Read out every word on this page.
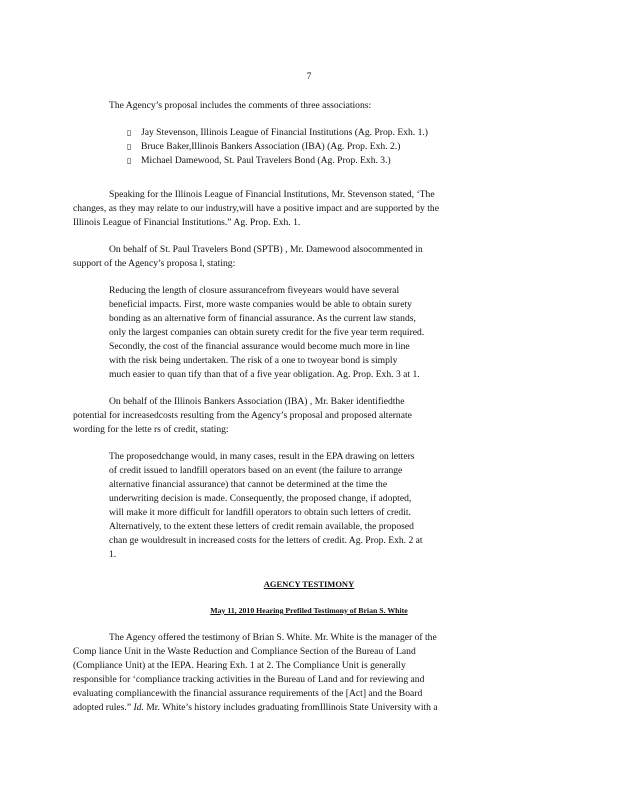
7
The Agency’s proposal includes the comments of three associations:
▯ Jay Stevenson, Illinois League of Financial Institutions (Ag. Prop. Exh. 1.)
▯ Bruce Baker,Illinois Bankers Association (IBA) (Ag. Prop. Exh. 2.)
▯ Michael Damewood, St. Paul Travelers Bond (Ag. Prop. Exh. 3.)
Speaking for the Illinois League of Financial Institutions, Mr. Stevenson stated, ‘The
changes, as they may relate to our industry,will have a positive impact and are supported by the
Illinois League of Financial Institutions.” Ag. Prop. Exh. 1.
On behalf of St. Paul Travelers Bond (SPTB) , Mr. Damewood alsocommented in
support of the Agency’s proposa l, stating:
Reducing the length of closure assurancefrom fiveyears would have several
beneficial impacts. First, more waste companies would be able to obtain surety
bonding as an alternative form of financial assurance. As the current law stands,
only the largest companies can obtain surety credit for the five year term required.
Secondly, the cost of the financial assurance would become much more in line
with the risk being undertaken. The risk of a one to twoyear bond is simply
much easier to quan tify than that of a five year obligation. Ag. Prop. Exh. 3 at 1.
On behalf of the Illinois Bankers Association (IBA) , Mr. Baker identifiedthe
potential for increasedcosts resulting from the Agency’s proposal and proposed alternate
wording for the lette rs of credit, stating:
The proposedchange would, in many cases, result in the EPA drawing on letters
of credit issued to landfill operators based on an event (the failure to arrange
alternative financial assurance) that cannot be determined at the time the
underwriting decision is made. Consequently, the proposed change, if adopted,
will make it more difficult for landfill operators to obtain such letters of credit.
Alternatively, to the extent these letters of credit remain available, the proposed
chan ge wouldresult in increased costs for the letters of credit. Ag. Prop. Exh. 2 at
1.
AGENCY TESTIMONY
May 11, 2010 Hearing Prefiled Testimony of Brian S. White
The Agency offered the testimony of Brian S. White. Mr. White is the manager of the
Comp liance Unit in the Waste Reduction and Compliance Section of the Bureau of Land
(Compliance Unit) at the IEPA. Hearing Exh. 1 at 2. The Compliance Unit is generally
responsible for ‘compliance tracking activities in the Bureau of Land and for reviewing and
evaluating compliancewith the financial assurance requirements of the [Act] and the Board
adopted rules.” Id. Mr. White’s history includes graduating fromIllinois State University with a
